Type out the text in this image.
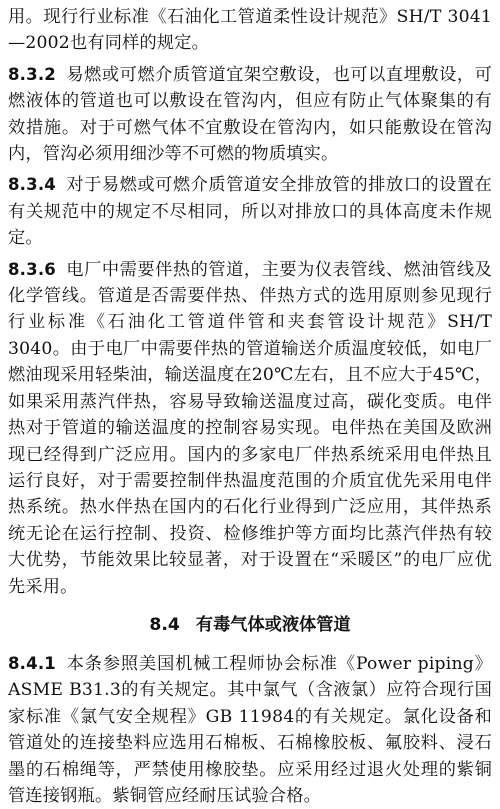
用。现行行业标准《石油化工管道柔性设计规范》SH/T 3041—2002也有同样的规定。

8.3.2 易燃或可燃介质管道宜架空敷设，也可以直埋敷设，可燃液体的管道也可以敷设在管沟内，但应有防止气体聚集的有效措施。对于可燃气体不宜敷设在管沟内，如只能敷设在管沟内，管沟必须用细沙等不可燃的物质填实。

8.3.4 对于易燃或可燃介质管道安全排放管的排放口的设置在有关规范中的规定不尽相同，所以对排放口的具体高度未作规定。

8.3.6 电厂中需要伴热的管道，主要为仪表管线、燃油管线及化学管线。管道是否需要伴热、伴热方式的选用原则参见现行行业标准《石油化工管道伴管和夹套管设计规范》SH/T 3040。由于电厂中需要伴热的管道输送介质温度较低，如电厂燃油现采用轻柴油，输送温度在20℃左右，且不应大于45℃，如果采用蒸汽伴热，容易导致输送温度过高，碳化变质。电伴热对于管道的输送温度的控制容易实现。电伴热在美国及欧洲现已经得到广泛应用。国内的多家电厂伴热系统采用电伴热且运行良好，对于需要控制伴热温度范围的介质宜优先采用电伴热系统。热水伴热在国内的石化行业得到广泛应用，其伴热系统无论在运行控制、投资、检修维护等方面均比蒸汽伴热有较大优势，节能效果比较显著，对于设置在“采暖区”的电厂应优先采用。

8.4 有毒气体或液体管道

8.4.1 本条参照美国机械工程师协会标准《Power piping》ASME B31.3的有关规定。其中氯气（含液氯）应符合现行国家标准《氯气安全规程》GB 11984的有关规定。氯化设备和管道处的连接垫料应选用石棉板、石棉橡胶板、氟胶料、浸石墨的石棉绳等，严禁使用橡胶垫。应采用经过退火处理的紫铜管连接钢瓶。紫铜管应经耐压试验合格。
